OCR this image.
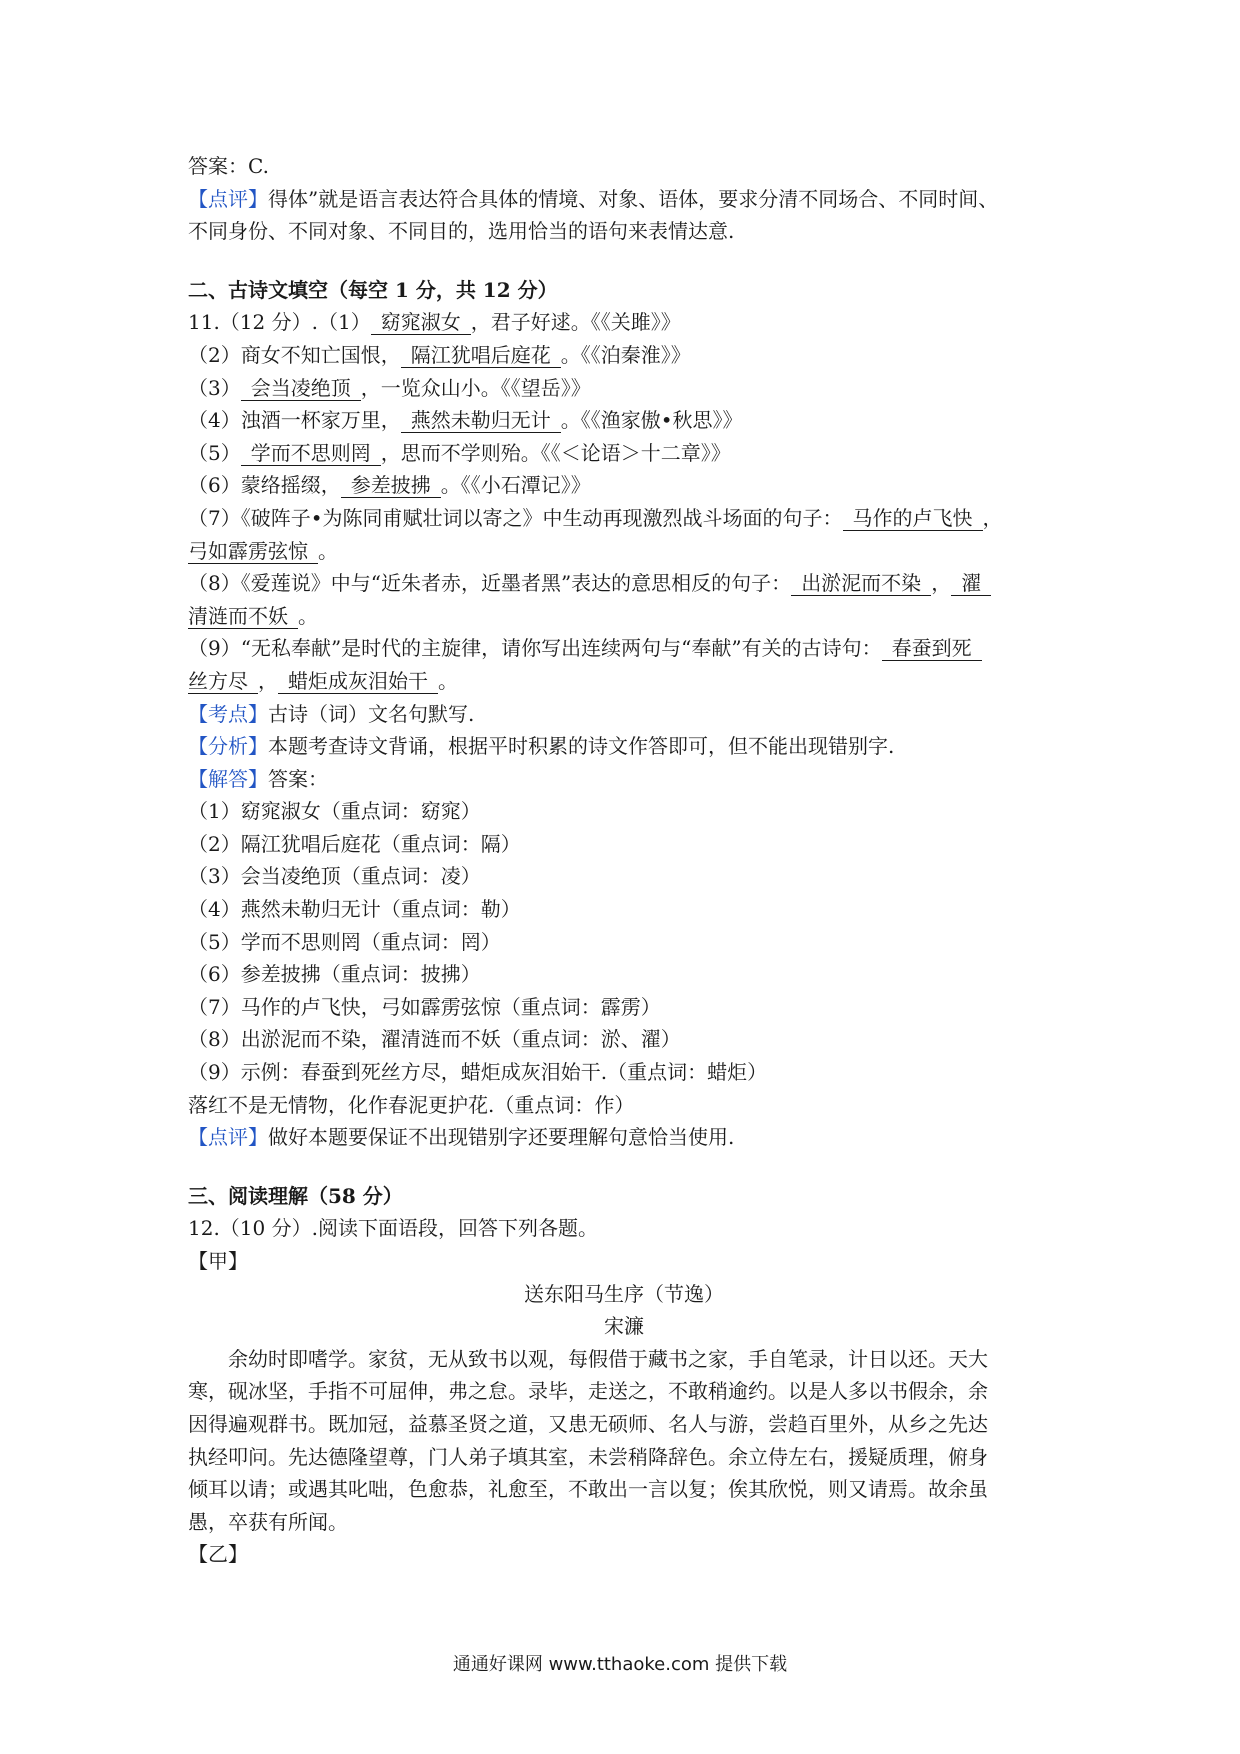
答案：C.
【点评】得体”就是语言表达符合具体的情境、对象、语体，要求分清不同场合、不同时间、
不同身份、不同对象、不同目的，选用恰当的语句来表情达意.
二、古诗文填空（每空 1 分，共 12 分）
11.（12 分）.（1） 窈窕淑女 ，君子好逑。《《关雎》》
（2）商女不知亡国恨， 隔江犹唱后庭花 。《《泊秦淮》》
（3） 会当凌绝顶 ，一览众山小。《《望岳》》
（4）浊酒一杯家万里， 燕然未勒归无计 。《《渔家傲•秋思》》
（5） 学而不思则罔 ，思而不学则殆。《《＜论语＞十二章》》
（6）蒙络摇缀， 参差披拂 。《《小石潭记》》
（7）《破阵子•为陈同甫赋壮词以寄之》中生动再现激烈战斗场面的句子： 马作的卢飞快 ，
弓如霹雳弦惊 。
（8）《爱莲说》中与“近朱者赤，近墨者黑”表达的意思相反的句子： 出淤泥而不染 ， 濯
清涟而不妖 。
（9）“无私奉献”是时代的主旋律，请你写出连续两句与“奉献”有关的古诗句： 春蚕到死
丝方尽 ， 蜡炬成灰泪始干 。
【考点】古诗（词）文名句默写.
【分析】本题考查诗文背诵，根据平时积累的诗文作答即可，但不能出现错别字.
【解答】答案：
（1）窈窕淑女（重点词：窈窕）
（2）隔江犹唱后庭花（重点词：隔）
（3）会当凌绝顶（重点词：凌）
（4）燕然未勒归无计（重点词：勒）
（5）学而不思则罔（重点词：罔）
（6）参差披拂（重点词：披拂）
（7）马作的卢飞快，弓如霹雳弦惊（重点词：霹雳）
（8）出淤泥而不染，濯清涟而不妖（重点词：淤、濯）
（9）示例：春蚕到死丝方尽，蜡炬成灰泪始干.（重点词：蜡炬）
落红不是无情物，化作春泥更护花.（重点词：作）
【点评】做好本题要保证不出现错别字还要理解句意恰当使用.
三、阅读理解（58 分）
12.（10 分）.阅读下面语段，回答下列各题。
【甲】
送东阳马生序（节逸）
宋濂
余幼时即嗜学。家贫，无从致书以观，每假借于藏书之家，手自笔录，计日以还。天大
寒，砚冰坚，手指不可屈伸，弗之怠。录毕，走送之，不敢稍逾约。以是人多以书假余，余
因得遍观群书。既加冠，益慕圣贤之道，又患无硕师、名人与游，尝趋百里外，从乡之先达
执经叩问。先达德隆望尊，门人弟子填其室，未尝稍降辞色。余立侍左右，援疑质理，俯身
倾耳以请；或遇其叱咄，色愈恭，礼愈至，不敢出一言以复；俟其欣悦，则又请焉。故余虽
愚，卒获有所闻。
【乙】
通通好课网 www.tthaoke.com 提供下载
